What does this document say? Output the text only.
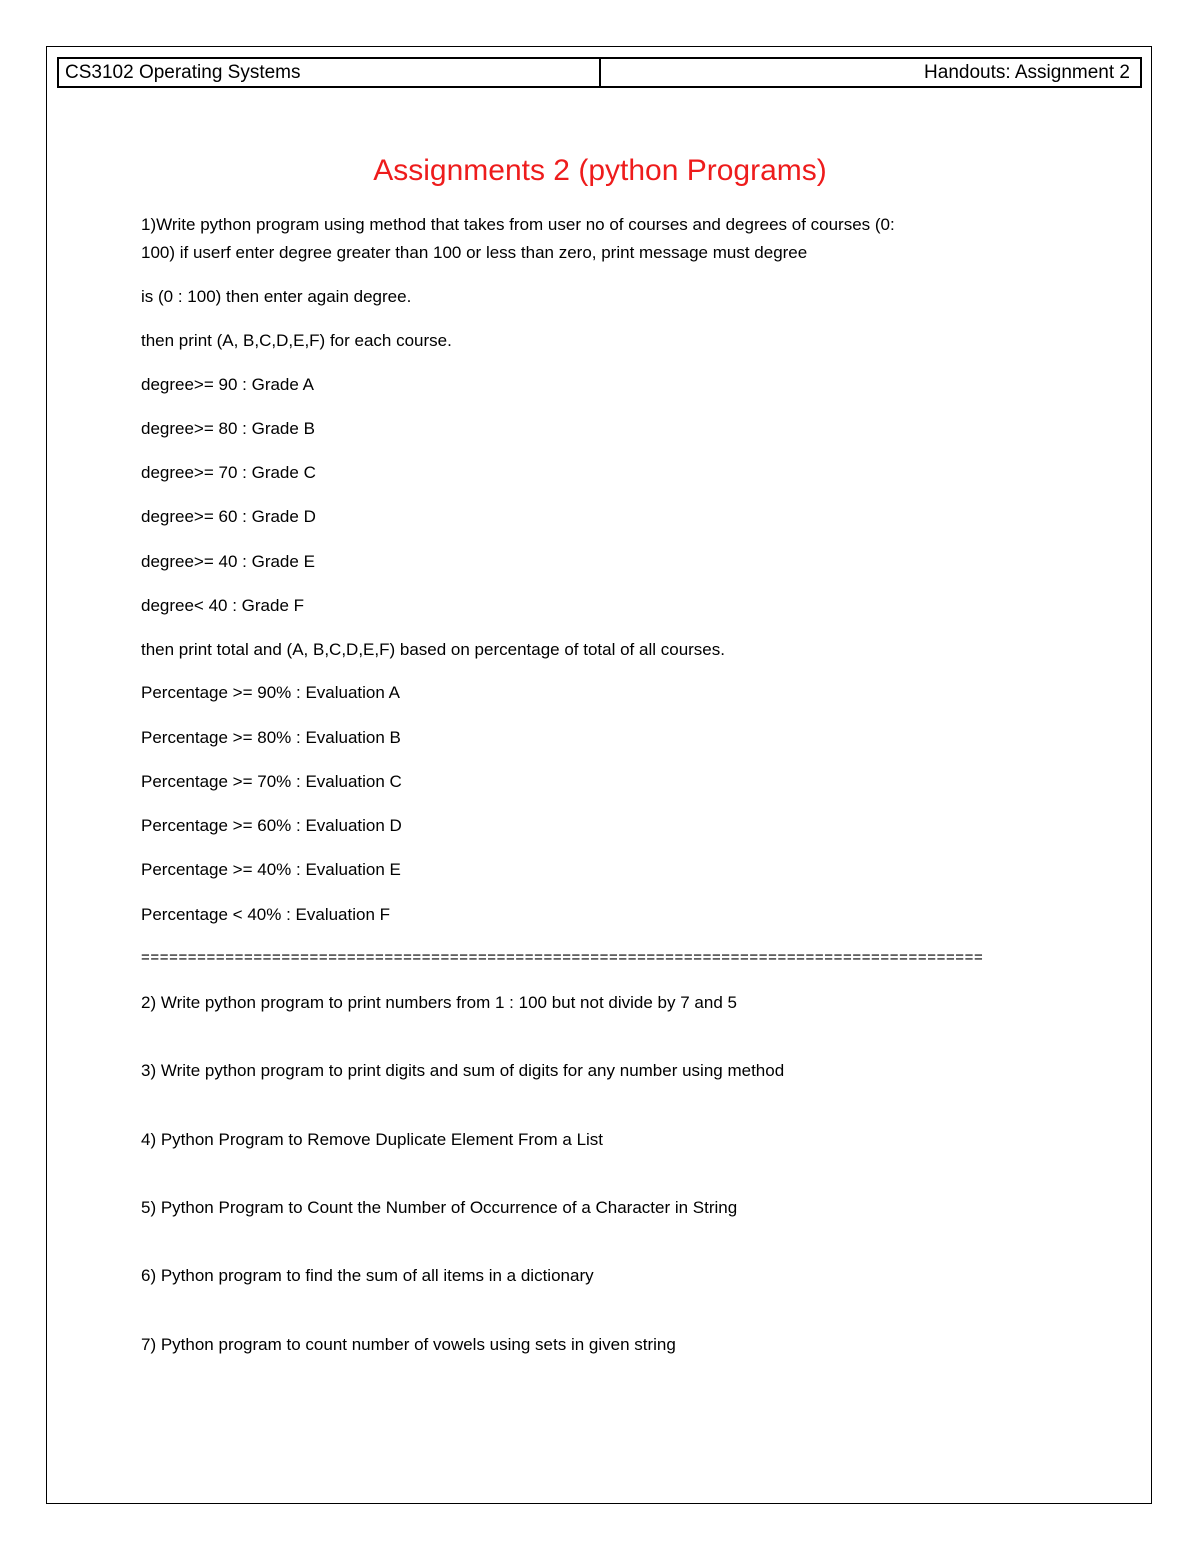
CS3102 Operating Systems	Handouts: Assignment 2
Assignments 2 (python Programs)
1)Write python program using method that takes from user no of courses and degrees of courses (0:
100) if userf enter degree greater than 100 or less than zero, print message must degree
is (0 : 100) then enter again degree.
then print (A, B,C,D,E,F) for each course.
degree>= 90 : Grade A
degree>= 80 : Grade B
degree>= 70 : Grade C
degree>= 60 : Grade D
degree>= 40 : Grade E
degree< 40 : Grade F
then print total and (A, B,C,D,E,F) based on percentage of total of all courses.
Percentage >= 90% : Evaluation A
Percentage >= 80% : Evaluation B
Percentage >= 70% : Evaluation C
Percentage >= 60% : Evaluation D
Percentage >= 40% : Evaluation E
Percentage < 40% : Evaluation F
==========================================================================================
2) Write python program to print numbers from 1 : 100 but not divide by 7 and 5
3) Write python program to print digits and sum of digits for any number using method
4) Python Program to Remove Duplicate Element From a List
5) Python Program to Count the Number of Occurrence of a Character in String
6) Python program to find the sum of all items in a dictionary
7) Python program to count number of vowels using sets in given string
